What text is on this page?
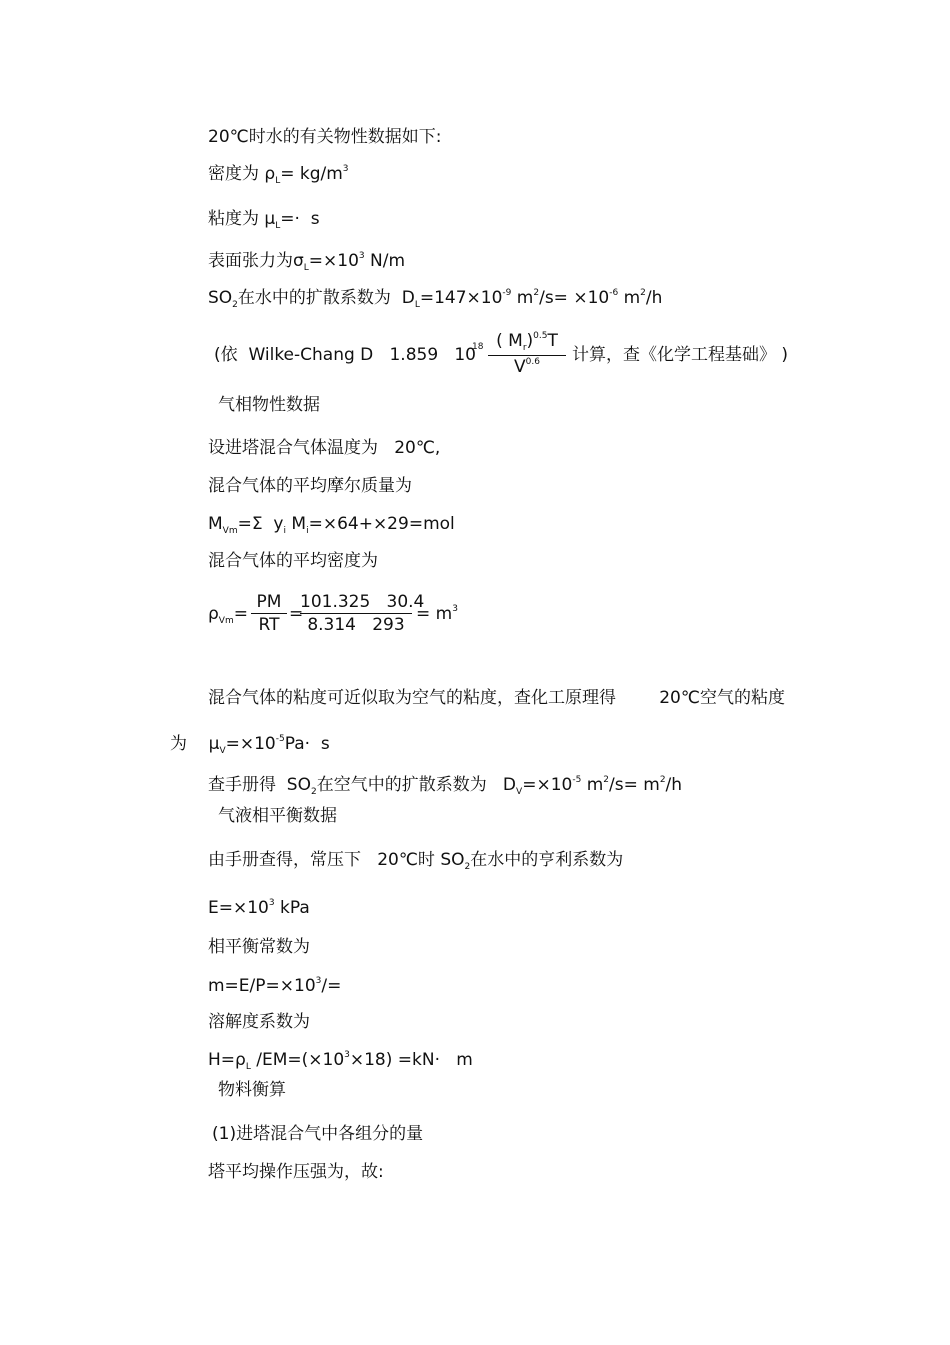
20℃时水的有关物性数据如下:
密度为 $\rho_L= kg/m^3$
粘度为 $\mu_L=\cdot s$
表面张力为$\sigma_L=\times 10^3$ N/m
$SO_2$在水中的扩散系数为  $D_L=147\times 10^{-9}$ $m^2/s= \times 10^{-6}$ $m^2/h$
(依  Wilke-Chang D   1.859   10
18 ( $M_r)^{0.5}T$
$V^{0.6}$	计算，查《化学工程基础》 )
气相物性数据
设进塔混合气体温度为   20℃,
混合气体的平均摩尔质量为
$M_{Vm}=\Sigma$  $y_i$ $M_i=\times 64+\times 29=mol$
混合气体的平均密度为
$\rho_{Vm}=$
PM
RT
=
101.325   30.4
8.314   293
= $m^3$
混合气体的粘度可近似取为空气的粘度，查化工原理得        20℃空气的粘度
为    $\mu_V=\times 10^{-5}Pa\cdot s$
查手册得  $SO_2$在空气中的扩散系数为   $D_V=\times 10^{-5}$ $m^2/s= m^2/h$
气液相平衡数据
由手册查得，常压下   20℃时 $SO_2$在水中的亨利系数为
$E=\times 10^3$ kPa
相平衡常数为
$m=E/P=\times 10^3/=$
溶解度系数为
$H=\rho_L$ $/EM=(\times 10^3\times 18) =kN\cdot m$
物料衡算
(1)进塔混合气中各组分的量
塔平均操作压强为，故:
